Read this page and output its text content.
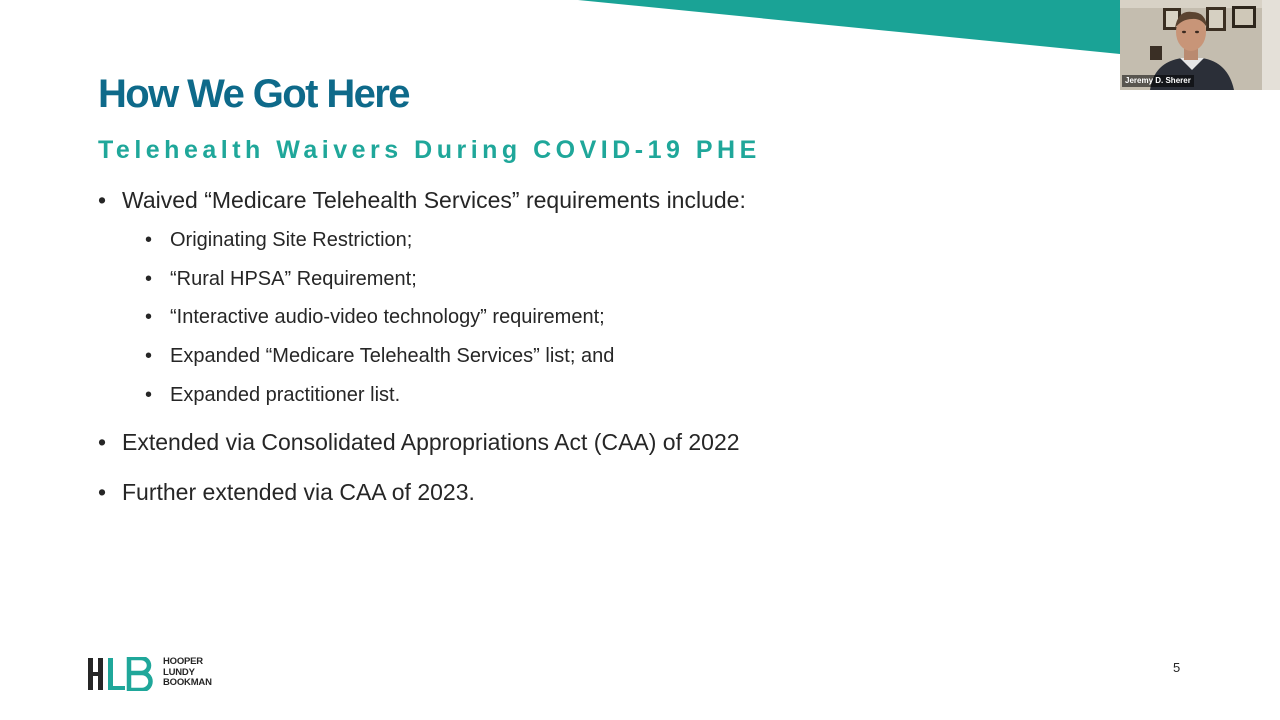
How We Got Here
Telehealth Waivers During COVID-19 PHE
• Waived “Medicare Telehealth Services” requirements include:
• Originating Site Restriction;
• “Rural HPSA” Requirement;
• “Interactive audio-video technology” requirement;
• Expanded “Medicare Telehealth Services” list; and
• Expanded practitioner list.
• Extended via Consolidated Appropriations Act (CAA) of 2022
• Further extended via CAA of 2023.
HOOPER
LUNDY
BOOKMAN
5
Jeremy D. Sherer
